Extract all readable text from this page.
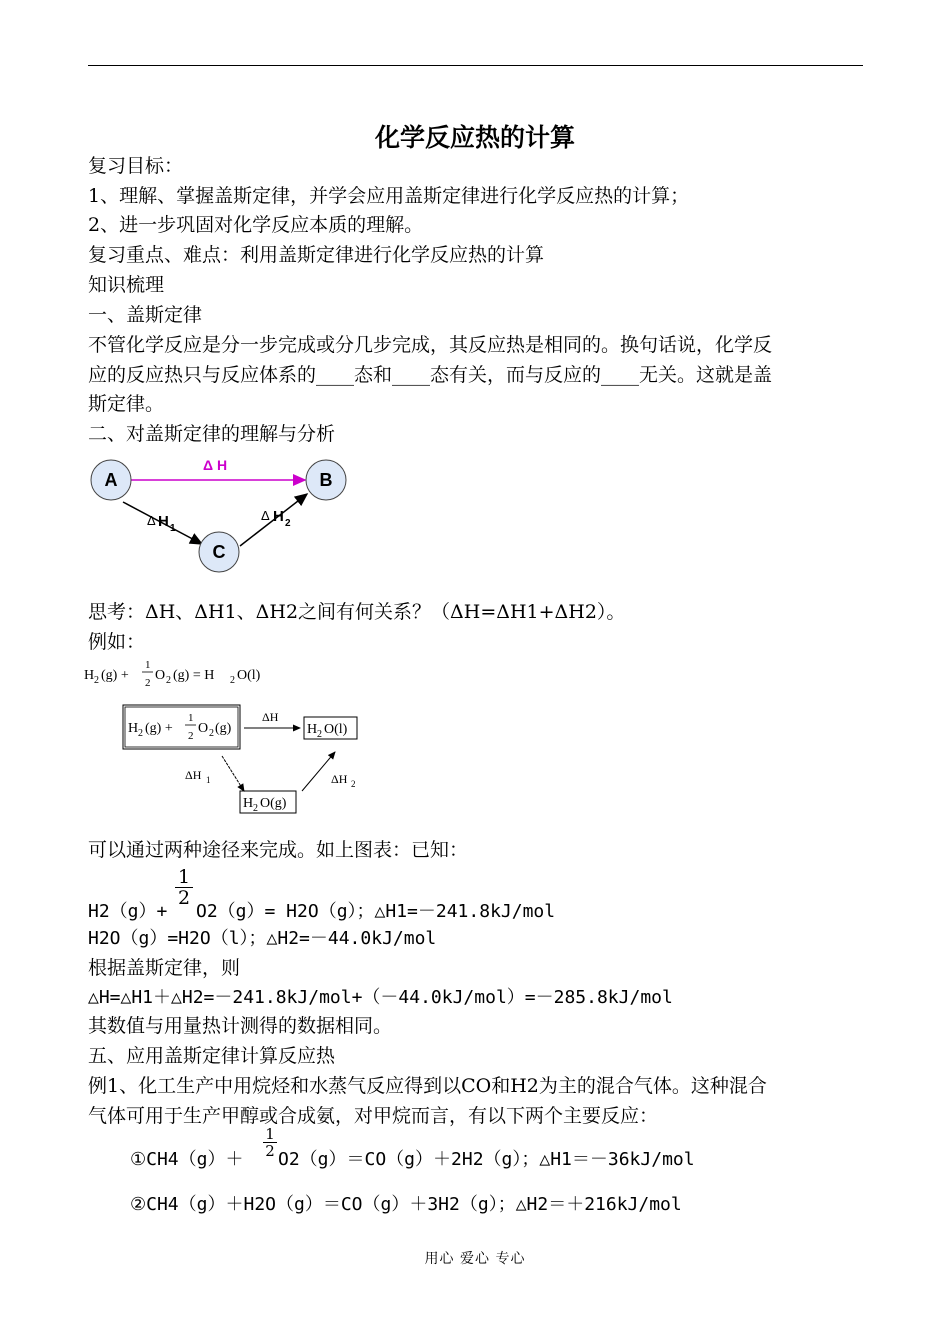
化学反应热的计算
复习目标：
1、理解、掌握盖斯定律，并学会应用盖斯定律进行化学反应热的计算；
2、进一步巩固对化学反应本质的理解。
复习重点、难点：利用盖斯定律进行化学反应热的计算
知识梳理
一、盖斯定律
不管化学反应是分一步完成或分几步完成，其反应热是相同的。换句话说，化学反
应的反应热只与反应体系的____态和____态有关，而与反应的____无关。这就是盖
斯定律。
二、对盖斯定律的理解与分析
A	B
C
Δ H
Δ H 1
Δ H 2
思考：ΔH、ΔH1、ΔH2之间有何关系？（ΔH=ΔH1+ΔH2）。
例如：
H 2 (g) +
1
2 O 2 (g) = H 2 O(l)
H 2 (g) +
1
2 O 2 (g)
ΔH
H 2 O(l)
ΔH 1
H 2 O(g)
ΔH 2
可以通过两种途径来完成。如上图表：已知：
$\frac{1}{2}$
H2（g）+ O2（g）= H2O（g）；△H1=－241.8kJ/mol
H2O（g）=H2O（l）；△H2=－44.0kJ/mol
根据盖斯定律，则
△H=△H1＋△H2=－241.8kJ/mol+（－44.0kJ/mol）=－285.8kJ/mol
其数值与用量热计测得的数据相同。
五、应用盖斯定律计算反应热
例1、化工生产中用烷烃和水蒸气反应得到以CO和H2为主的混合气体。这种混合
气体可用于生产甲醇或合成氨，对甲烷而言，有以下两个主要反应：
$\frac{1}{2}$
①CH4（g）＋ O2（g）＝CO（g）＋2H2（g）；△H1＝－36kJ/mol
②CH4（g）＋H2O（g）＝CO（g）＋3H2（g）；△H2＝＋216kJ/mol
用心 爱心 专心
